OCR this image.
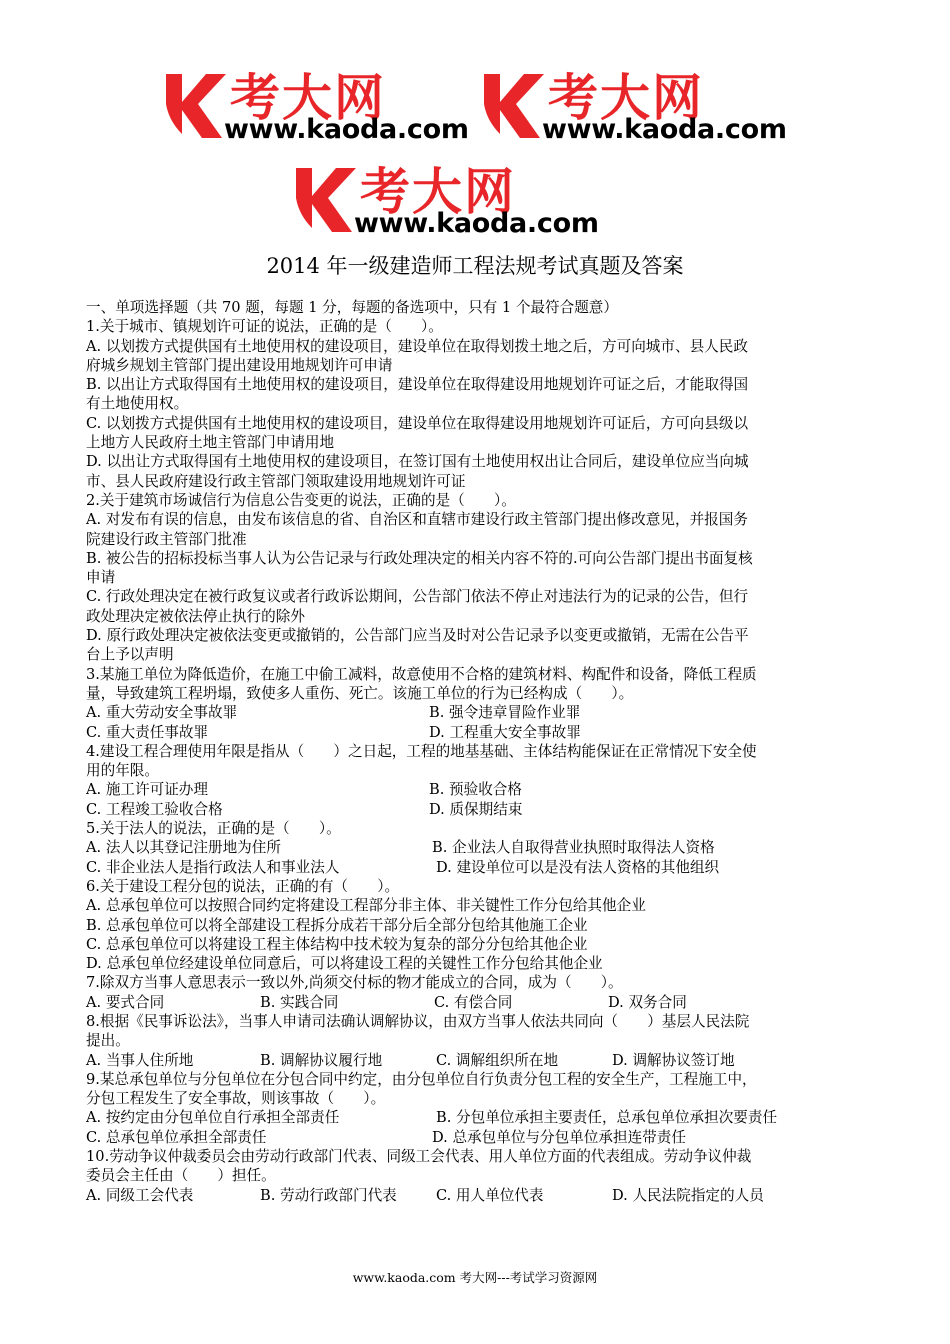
考大网
www.kaoda.com
考大网
www.kaoda.com
考大网
www.kaoda.com
2014 年一级建造师工程法规考试真题及答案
一、单项选择题（共 70 题，每题 1 分，每题的备选项中，只有 1 个最符合题意）
1.关于城市、镇规划许可证的说法，正确的是（　　）。
A. 以划拨方式提供国有土地使用权的建设项目，建设单位在取得划拨土地之后，方可向城市、县人民政
府城乡规划主管部门提出建设用地规划许可申请
B. 以出让方式取得国有土地使用权的建设项目，建设单位在取得建设用地规划许可证之后，才能取得国
有土地使用权。
C. 以划拨方式提供国有土地使用权的建设项目，建设单位在取得建设用地规划许可证后，方可向县级以
上地方人民政府土地主管部门申请用地
D. 以出让方式取得国有土地使用权的建设项目，在签订国有土地使用权出让合同后，建设单位应当向城
市、县人民政府建设行政主管部门领取建设用地规划许可证
2.关于建筑市场诚信行为信息公告变更的说法，正确的是（　　）。
A. 对发布有误的信息，由发布该信息的省、自治区和直辖市建设行政主管部门提出修改意见，并报国务
院建设行政主管部门批准
B. 被公告的招标投标当事人认为公告记录与行政处理决定的相关内容不符的.可向公告部门提出书面复核
申请
C. 行政处理决定在被行政复议或者行政诉讼期间，公告部门依法不停止对违法行为的记录的公告，但行
政处理决定被依法停止执行的除外
D. 原行政处理决定被依法变更或撤销的，公告部门应当及时对公告记录予以变更或撤销，无需在公告平
台上予以声明
3.某施工单位为降低造价，在施工中偷工减料，故意使用不合格的建筑材料、构配件和设备，降低工程质
量，导致建筑工程坍塌，致使多人重伤、死亡。该施工单位的行为已经构成（　　）。
A. 重大劳动安全事故罪	B. 强令违章冒险作业罪
C. 重大责任事故罪	D. 工程重大安全事故罪
4.建设工程合理使用年限是指从（　　）之日起，工程的地基基础、主体结构能保证在正常情况下安全使
用的年限。
A. 施工许可证办理	B. 预验收合格
C. 工程竣工验收合格	D. 质保期结束
5.关于法人的说法，正确的是（　　）。
A. 法人以其登记注册地为住所	B. 企业法人自取得营业执照时取得法人资格
C. 非企业法人是指行政法人和事业法人	D. 建设单位可以是没有法人资格的其他组织
6.关于建设工程分包的说法，正确的有（　　）。
A. 总承包单位可以按照合同约定将建设工程部分非主体、非关键性工作分包给其他企业
B. 总承包单位可以将全部建设工程拆分成若干部分后全部分包给其他施工企业
C. 总承包单位可以将建设工程主体结构中技术较为复杂的部分分包给其他企业
D. 总承包单位经建设单位同意后，可以将建设工程的关键性工作分包给其他企业
7.除双方当事人意思表示一致以外,尚须交付标的物才能成立的合同，成为（　　）。
A. 要式合同	B. 实践合同	C. 有偿合同	D. 双务合同
8.根据《民事诉讼法》，当事人申请司法确认调解协议，由双方当事人依法共同向（　　）基层人民法院
提出。
A. 当事人住所地	B. 调解协议履行地	C. 调解组织所在地	D. 调解协议签订地
9.某总承包单位与分包单位在分包合同中约定，由分包单位自行负责分包工程的安全生产，工程施工中，
分包工程发生了安全事故，则该事故（　　）。
A. 按约定由分包单位自行承担全部责任	B. 分包单位承担主要责任，总承包单位承担次要责任
C. 总承包单位承担全部责任	D. 总承包单位与分包单位承担连带责任
10.劳动争议仲裁委员会由劳动行政部门代表、同级工会代表、用人单位方面的代表组成。劳动争议仲裁
委员会主任由（　　）担任。
A. 同级工会代表	B. 劳动行政部门代表	C. 用人单位代表	D. 人民法院指定的人员
www.kaoda.com 考大网---考试学习资源网
